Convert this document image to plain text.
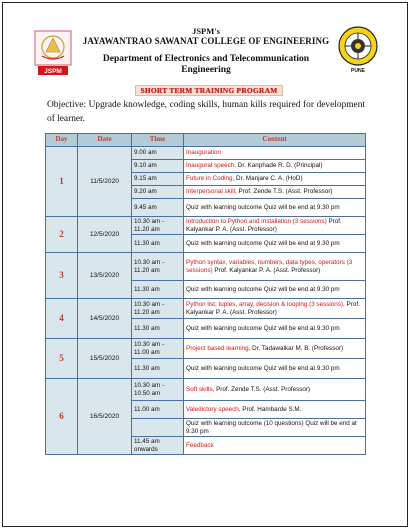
JSPM	PUNE
JSPM's
JAYAWANTRAO SAWANAT COLLEGE OF ENGINEERING
Department of Electronics and Telecommunication
Engineering
SHORT TERM TRAINING PROGRAM
Objective: Upgrade knowledge, coding skills, human kills required for development of learner.
Day	Date	Time	Content
1	11/5/2020	9.00 am	Inauguration
		9.10 am	Inaugural speech, Dr. Kanphade R. D. (Principal)
		9.15 am	Future in Coding, Dr. Manjare C. A. (HoD)
		9.20 am	Interpersonal skill, Prof. Zende T.S. (Asst. Professor)
		9.45 am	Quiz with learning outcome Quiz will be end at 9.30 pm
2	12/5/2020	10.30 am - 11.20 am	Introduction to Python and installation (3 sessions) Prof. Kalyankar P. A. (Asst. Professor)
		11.30 am	Quiz with learning outcome Quiz will be end at 9.30 pm
3	13/5/2020	10.30 am - 11.20 am	Python syntax, variables, numbers, data types, operators (3 sessions) Prof. Kalyankar P. A. (Asst. Professor)
		11.30 am	Quiz with learning outcome Quiz will be end at 9.30 pm
4	14/5/2020	10.30 am - 11.20 am	Python list, tuples, array, decision & looping (3 sessions), Prof. Kalyankar P. A. (Asst. Professor)
		11.30 am	Quiz with learning outcome Quiz will be end at 9.30 pm
5	15/5/2020	10.30 am - 11.00 am	Project based learning, Dr. Tadawalkar M. B. (Professor)
		11.30 am	Quiz with learning outcome Quiz will be end at 9.30 pm
6	16/5/2020	10.30 am - 10.50 am	Soft skills, Prof. Zende T.S. (Asst. Professor)
		11.00 am	Valedictory speech, Prof. Hambarde S.M.
			Quiz with learning outcome (10 questions) Quiz will be end at 9.30 pm
		11.45 am onwards	Feedback
